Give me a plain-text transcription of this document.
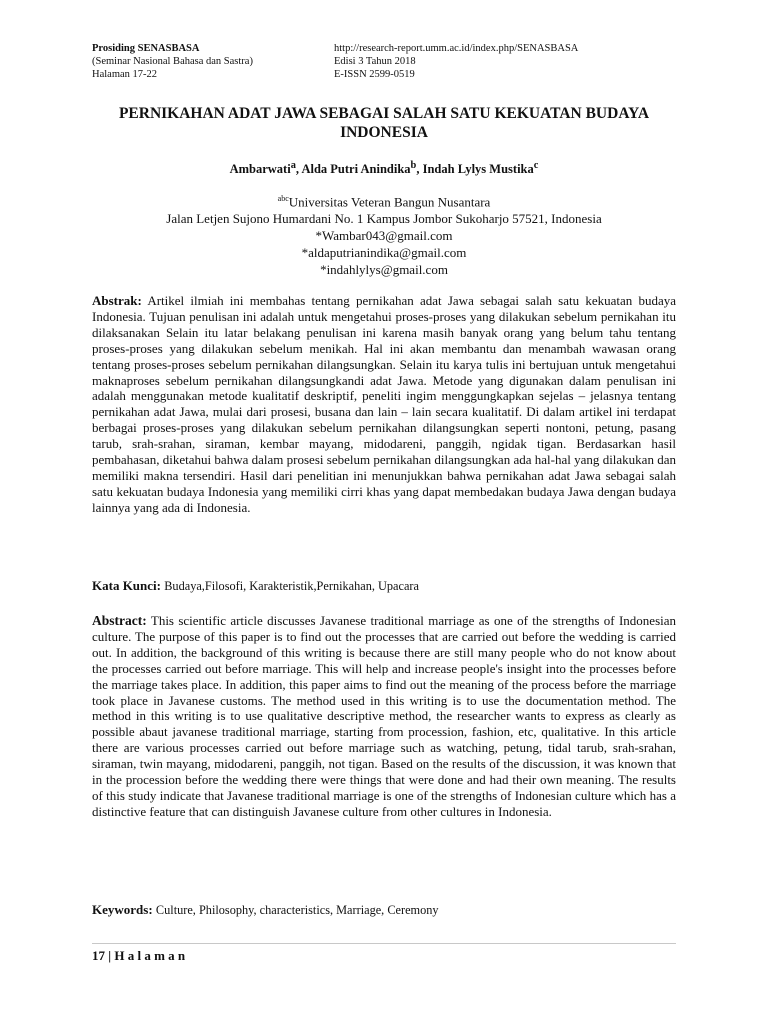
Prosiding SENASBASA
(Seminar Nasional Bahasa dan Sastra)
Halaman 17-22
http://research-report.umm.ac.id/index.php/SENASBASA
Edisi 3 Tahun 2018
E-ISSN 2599-0519
PERNIKAHAN ADAT JAWA SEBAGAI SALAH SATU KEKUATAN BUDAYA INDONESIA
Ambarwati$^a$, Alda Putri Anindika$^b$, Indah Lylys Mustika$^c$
$^{abc}$Universitas Veteran Bangun Nusantara
Jalan Letjen Sujono Humardani No. 1 Kampus Jombor Sukoharjo 57521, Indonesia
*Wambar043@gmail.com
*aldaputrianindika@gmail.com
*indahlylys@gmail.com

Abstrak: Artikel ilmiah ini membahas tentang pernikahan adat Jawa sebagai salah satu kekuatan budaya Indonesia. Tujuan penulisan ini adalah untuk mengetahui proses-proses yang dilakukan sebelum pernikahan itu dilaksanakan Selain itu latar belakang penulisan ini karena masih banyak orang yang belum tahu tentang proses-proses yang dilakukan sebelum menikah. Hal ini akan membantu dan menambah wawasan orang tentang proses-proses sebelum pernikahan dilangsungkan. Selain itu karya tulis ini bertujuan untuk mengetahui maknaproses sebelum pernikahan dilangsungkandi adat Jawa. Metode yang digunakan dalam penulisan ini adalah menggunakan metode kualitatif deskriptif, peneliti ingim menggungkapkan sejelas – jelasnya tentang pernikahan adat Jawa, mulai dari prosesi, busana dan lain – lain secara kualitatif. Di dalam artikel ini terdapat berbagai proses-proses yang dilakukan sebelum pernikahan dilangsungkan seperti nontoni, petung, pasang tarub, srah-srahan, siraman, kembar mayang, midodareni, panggih, ngidak tigan. Berdasarkan hasil pembahasan, diketahui bahwa dalam prosesi sebelum pernikahan dilangsungkan ada hal-hal yang dilakukan dan memiliki makna tersendiri. Hasil dari penelitian ini menunjukkan bahwa pernikahan adat Jawa sebagai salah satu kekuatan budaya Indonesia yang memiliki cirri khas yang dapat membedakan budaya Jawa dengan budaya lainnya yang ada di Indonesia.

Kata Kunci: Budaya,Filosofi, Karakteristik,Pernikahan, Upacara

Abstract: This scientific article discusses Javanese traditional marriage as one of the strengths of Indonesian culture. The purpose of this paper is to find out the processes that are carried out before the wedding is carried out. In addition, the background of this writing is because there are still many people who do not know about the processes carried out before marriage. This will help and increase people's insight into the processes before the marriage takes place. In addition, this paper aims to find out the meaning of the process before the marriage took place in Javanese customs. The method used in this writing is to use the documentation method. The method in this writing is to use qualitative descriptive method, the researcher wants to express as clearly as possible abaut javanese traditional marriage, starting from procession, fashion, etc, qualitative. In this article there are various processes carried out before marriage such as watching, petung, tidal tarub, srah-srahan, siraman, twin mayang, midodareni, panggih, not tigan. Based on the results of the discussion, it was known that in the procession before the wedding there were things that were done and had their own meaning. The results of this study indicate that Javanese traditional marriage is one of the strengths of Indonesian culture which has a distinctive feature that can distinguish Javanese culture from other cultures in Indonesia.

Keywords: Culture, Philosophy, characteristics, Marriage, Ceremony
17 | H a l a m a n
